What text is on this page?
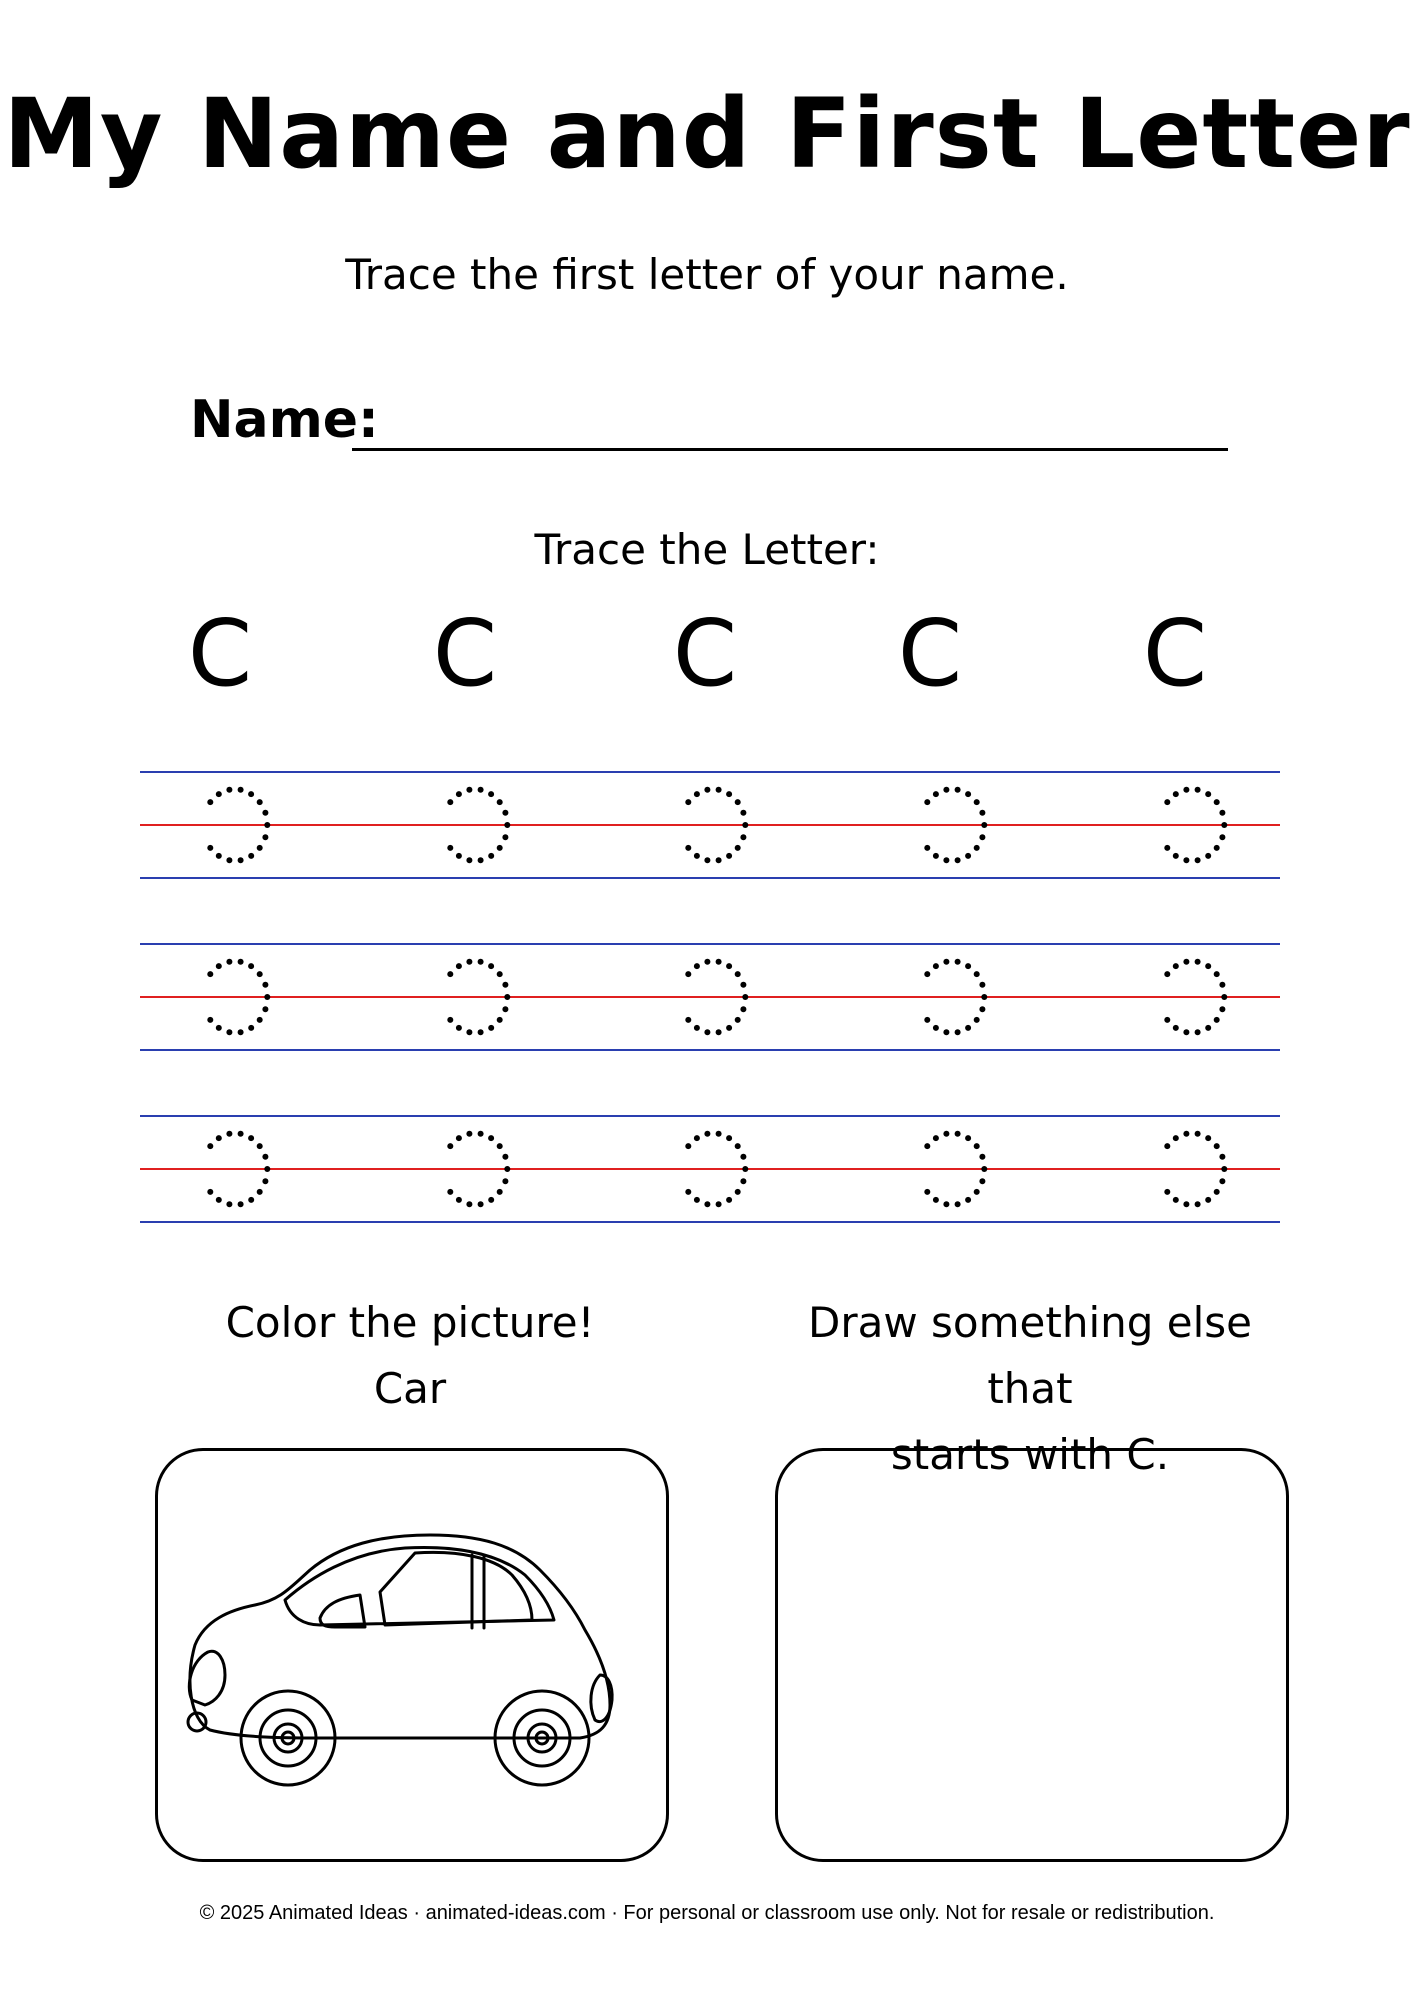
My Name and First Letter
Trace the first letter of your name.
Name:
Trace the Letter:
C	C	C	C	C
Color the picture!
Car
Draw something else that
starts with C.
© 2025 Animated Ideas · animated-ideas.com · For personal or classroom use only. Not for resale or redistribution.
